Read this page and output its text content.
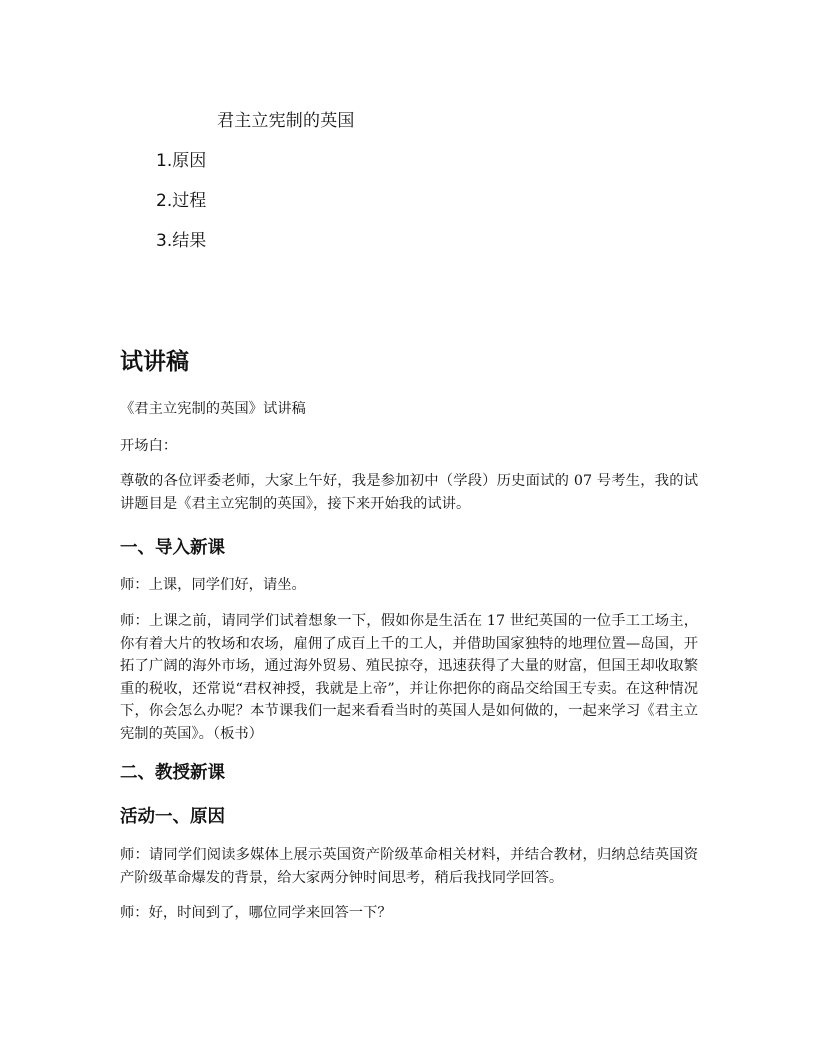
君主立宪制的英国
1.原因
2.过程
3.结果
试讲稿
《君主立宪制的英国》试讲稿
开场白：
尊敬的各位评委老师，大家上午好，我是参加初中（学段）历史面试的 07 号考生，我的试讲题目是《君主立宪制的英国》，接下来开始我的试讲。
一、导入新课
师：上课，同学们好，请坐。
师：上课之前，请同学们试着想象一下，假如你是生活在 17 世纪英国的一位手工工场主，你有着大片的牧场和农场，雇佣了成百上千的工人，并借助国家独特的地理位置—岛国，开拓了广阔的海外市场，通过海外贸易、殖民掠夺，迅速获得了大量的财富，但国王却收取繁重的税收，还常说“君权神授，我就是上帝”，并让你把你的商品交给国王专卖。在这种情况下，你会怎么办呢？本节课我们一起来看看当时的英国人是如何做的，一起来学习《君主立宪制的英国》。（板书）
二、教授新课
活动一、原因
师：请同学们阅读多媒体上展示英国资产阶级革命相关材料，并结合教材，归纳总结英国资产阶级革命爆发的背景，给大家两分钟时间思考，稍后我找同学回答。
师：好，时间到了，哪位同学来回答一下？
